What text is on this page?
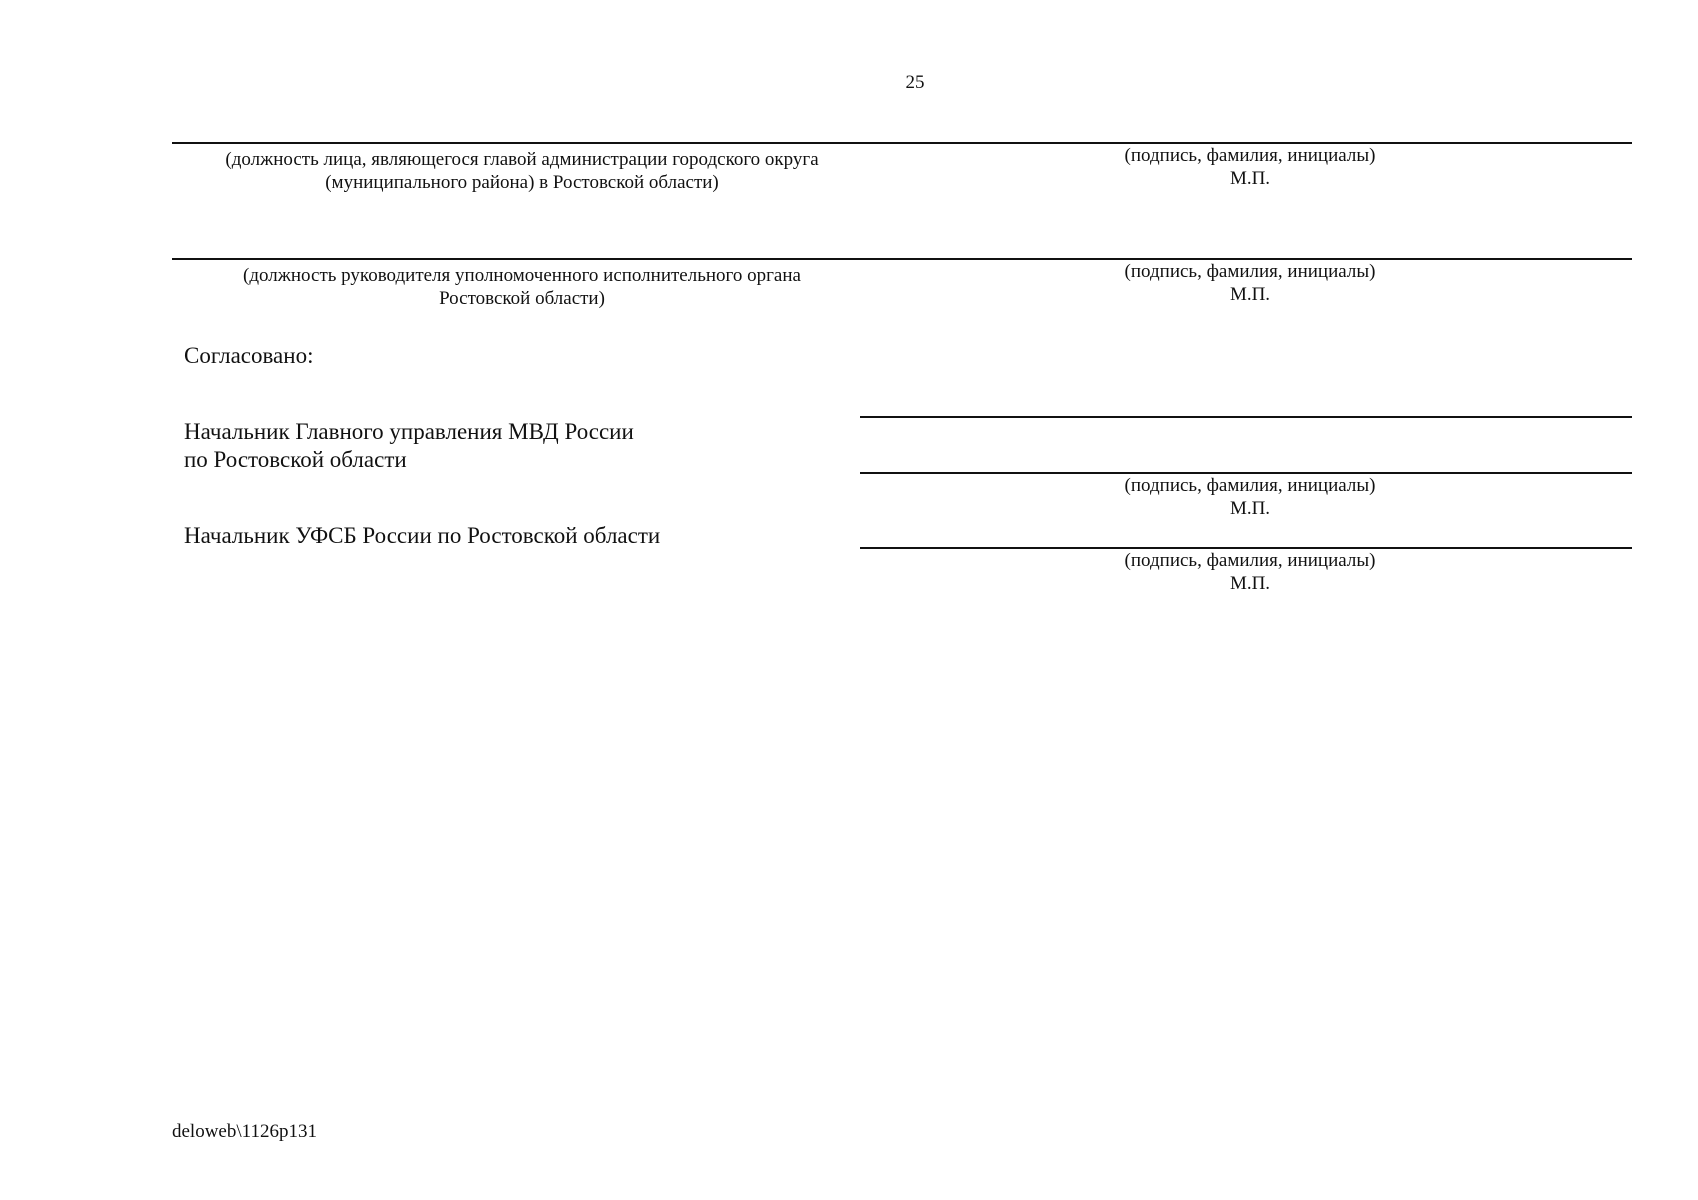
25
(должность лица, являющегося главой администрации городского округа
(муниципального района) в Ростовской области)
(подпись, фамилия, инициалы)
М.П.
(должность руководителя уполномоченного исполнительного органа
Ростовской области)
(подпись, фамилия, инициалы)
М.П.
Согласовано:
Начальник Главного управления МВД России
по Ростовской области
(подпись, фамилия, инициалы)
М.П.
Начальник УФСБ России по Ростовской области
(подпись, фамилия, инициалы)
М.П.
deloweb\1126p131
